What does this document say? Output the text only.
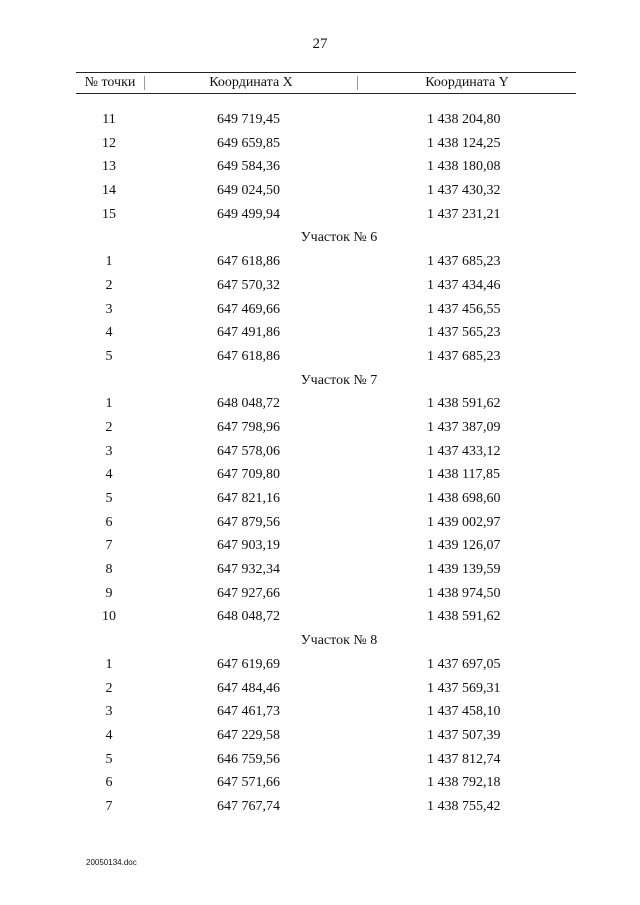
27
№ точки	Координата X	Координата Y
11	649 719,45	1 438 204,80
12	649 659,85	1 438 124,25
13	649 584,36	1 438 180,08
14	649 024,50	1 437 430,32
15	649 499,94	1 437 231,21
Участок № 6
1	647 618,86	1 437 685,23
2	647 570,32	1 437 434,46
3	647 469,66	1 437 456,55
4	647 491,86	1 437 565,23
5	647 618,86	1 437 685,23
Участок № 7
1	648 048,72	1 438 591,62
2	647 798,96	1 437 387,09
3	647 578,06	1 437 433,12
4	647 709,80	1 438 117,85
5	647 821,16	1 438 698,60
6	647 879,56	1 439 002,97
7	647 903,19	1 439 126,07
8	647 932,34	1 439 139,59
9	647 927,66	1 438 974,50
10	648 048,72	1 438 591,62
Участок № 8
1	647 619,69	1 437 697,05
2	647 484,46	1 437 569,31
3	647 461,73	1 437 458,10
4	647 229,58	1 437 507,39
5	646 759,56	1 437 812,74
6	647 571,66	1 438 792,18
7	647 767,74	1 438 755,42
20050134.doc
